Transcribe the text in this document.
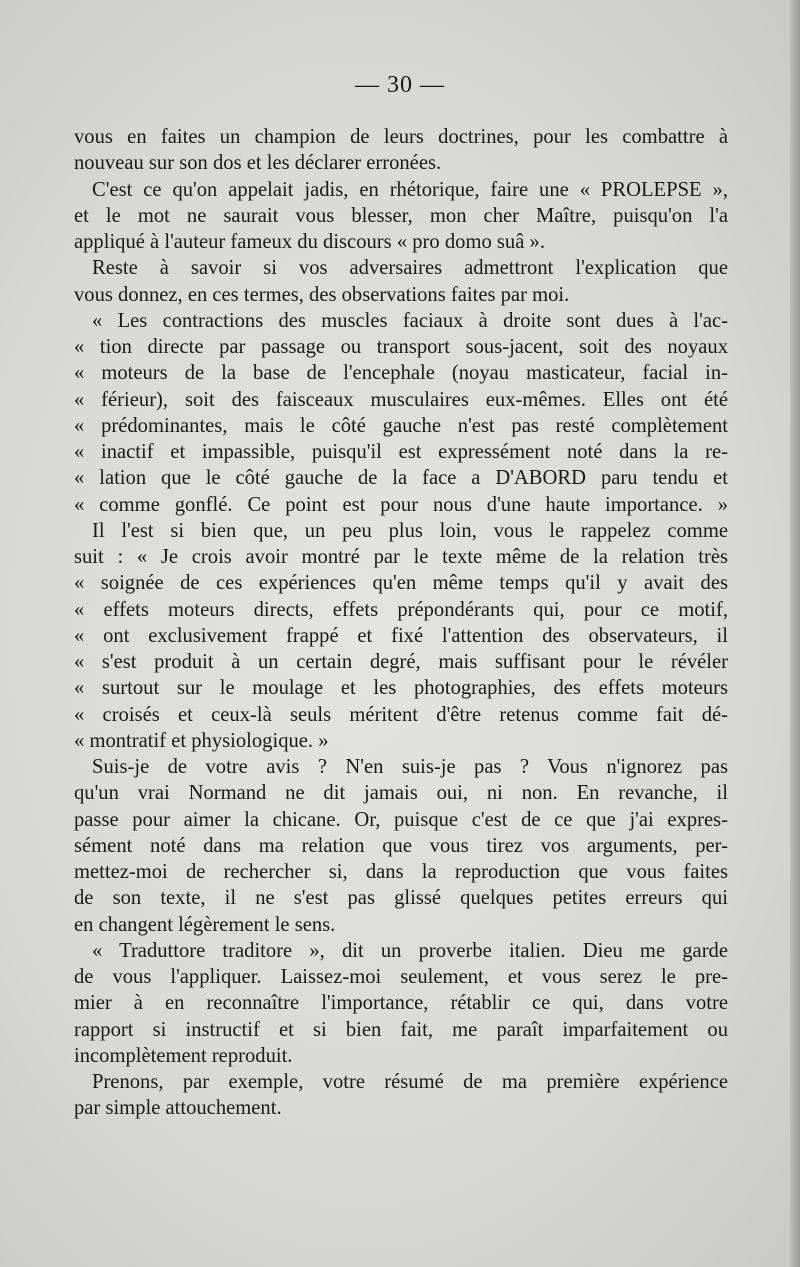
— 30 —
vous en faites un champion de leurs doctrines, pour les combattre à
nouveau sur son dos et les déclarer erronées.
C'est ce qu'on appelait jadis, en rhétorique, faire une « PROLEPSE »,
et le mot ne saurait vous blesser, mon cher Maître, puisqu'on l'a
appliqué à l'auteur fameux du discours « pro domo suâ ».
Reste à savoir si vos adversaires admettront l'explication que
vous donnez, en ces termes, des observations faites par moi.
« Les contractions des muscles faciaux à droite sont dues à l'ac-
« tion directe par passage ou transport sous-jacent, soit des noyaux
« moteurs de la base de l'encephale (noyau masticateur, facial in-
« férieur), soit des faisceaux musculaires eux-mêmes. Elles ont été
« prédominantes, mais le côté gauche n'est pas resté complètement
« inactif et impassible, puisqu'il est expressément noté dans la re-
« lation que le côté gauche de la face a D'ABORD paru tendu et
« comme gonflé. Ce point est pour nous d'une haute importance. »
Il l'est si bien que, un peu plus loin, vous le rappelez comme
suit : « Je crois avoir montré par le texte même de la relation très
« soignée de ces expériences qu'en même temps qu'il y avait des
« effets moteurs directs, effets prépondérants qui, pour ce motif,
« ont exclusivement frappé et fixé l'attention des observateurs, il
« s'est produit à un certain degré, mais suffisant pour le révéler
« surtout sur le moulage et les photographies, des effets moteurs
« croisés et ceux-là seuls méritent d'être retenus comme fait dé-
« montratif et physiologique. »
Suis-je de votre avis ? N'en suis-je pas ? Vous n'ignorez pas
qu'un vrai Normand ne dit jamais oui, ni non. En revanche, il
passe pour aimer la chicane. Or, puisque c'est de ce que j'ai expres-
sément noté dans ma relation que vous tirez vos arguments, per-
mettez-moi de rechercher si, dans la reproduction que vous faites
de son texte, il ne s'est pas glissé quelques petites erreurs qui
en changent légèrement le sens.
« Traduttore traditore », dit un proverbe italien. Dieu me garde
de vous l'appliquer. Laissez-moi seulement, et vous serez le pre-
mier à en reconnaître l'importance, rétablir ce qui, dans votre
rapport si instructif et si bien fait, me paraît imparfaitement ou
incomplètement reproduit.
Prenons, par exemple, votre résumé de ma première expérience
par simple attouchement.
